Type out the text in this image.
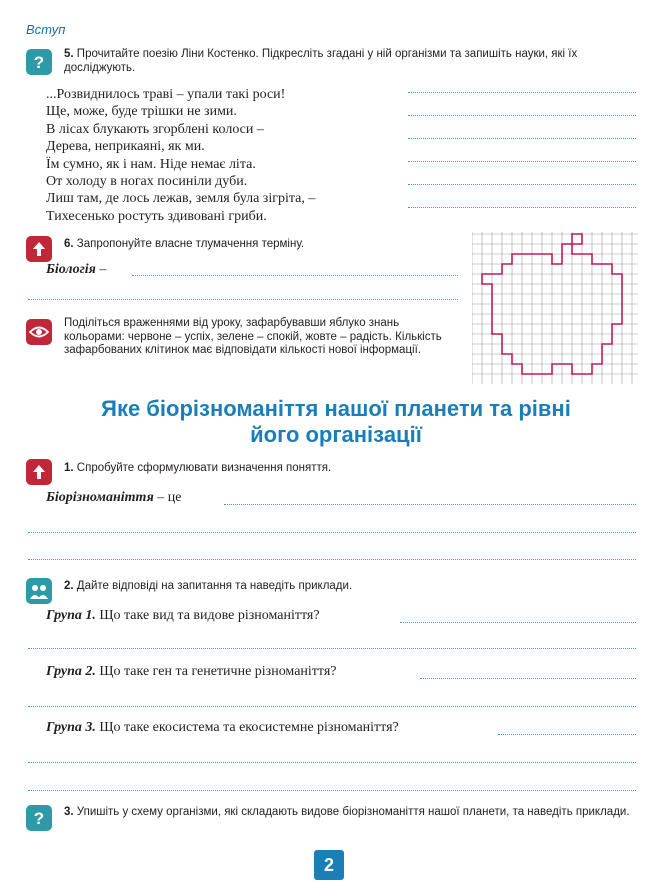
Вступ
? 5. Прочитайте поезію Ліни Костенко. Підкресліть згадані у ній організми та запишіть науки, які їх досліджують.
...Розвиднилось траві – упали такі роси!
Ще, може, буде трішки не зими.
В лісах блукають згорблені колоси –
Дерева, неприкаяні, як ми.
Їм сумно, як і нам. Ніде немає літа.
От холоду в ногах посиніли дуби.
Лиш там, де лось лежав, земля була зігріта, –
Тихесенько ростуть здивовані гриби.
6. Запропонуйте власне тлумачення терміну.
Біологія –
Поділіться враженнями від уроку, зафарбувавши яблуко знань кольорами: червоне – успіх, зелене – спокій, жовте – радість. Кількість зафарбованих клітинок має відповідати кількості нової інформації.
Яке біорізноманіття нашої планети та рівні
його організації
1. Спробуйте сформулювати визначення поняття.
Біорізноманіття – це
2. Дайте відповіді на запитання та наведіть приклади.
Група 1. Що таке вид та видове різноманіття?
Група 2. Що таке ген та генетичне різноманіття?
Група 3. Що таке екосистема та екосистемне різноманіття?
? 3. Упишіть у схему організми, які складають видове біорізноманіття нашої планети, та наведіть приклади.
2
